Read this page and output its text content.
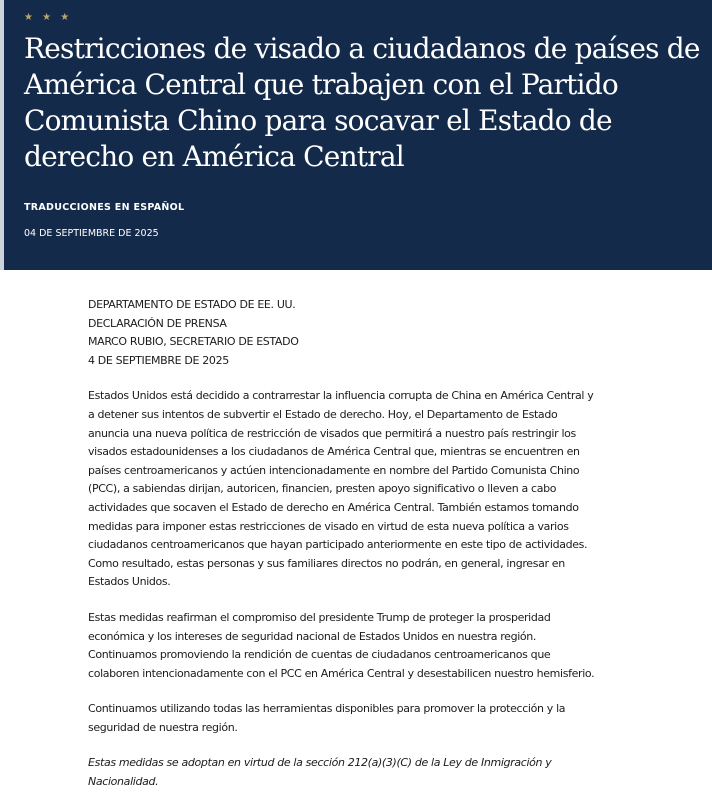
★ ★ ★
Restricciones de visado a ciudadanos de países de América Central que trabajen con el Partido Comunista Chino para socavar el Estado de derecho en América Central
TRADUCCIONES EN ESPAÑOL
04 DE SEPTIEMBRE DE 2025

DEPARTAMENTO DE ESTADO DE EE. UU.

DECLARACIÓN DE PRENSA

MARCO RUBIO, SECRETARIO DE ESTADO

4 DE SEPTIEMBRE DE 2025

Estados Unidos está decidido a contrarrestar la influencia corrupta de China en América Central y a detener sus intentos de subvertir el Estado de derecho. Hoy, el Departamento de Estado anuncia una nueva política de restricción de visados que permitirá a nuestro país restringir los visados estadounidenses a los ciudadanos de América Central que, mientras se encuentren en países centroamericanos y actúen intencionadamente en nombre del Partido Comunista Chino (PCC), a sabiendas dirijan, autoricen, financien, presten apoyo significativo o lleven a cabo actividades que socaven el Estado de derecho en América Central. También estamos tomando medidas para imponer estas restricciones de visado en virtud de esta nueva política a varios ciudadanos centroamericanos que hayan participado anteriormente en este tipo de actividades. Como resultado, estas personas y sus familiares directos no podrán, en general, ingresar en Estados Unidos.

Estas medidas reafirman el compromiso del presidente Trump de proteger la prosperidad económica y los intereses de seguridad nacional de Estados Unidos en nuestra región. Continuamos promoviendo la rendición de cuentas de ciudadanos centroamericanos que colaboren intencionadamente con el PCC en América Central y desestabilicen nuestro hemisferio.

Continuamos utilizando todas las herramientas disponibles para promover la protección y la seguridad de nuestra región.

Estas medidas se adoptan en virtud de la sección 212(a)(3)(C) de la Ley de Inmigración y Nacionalidad.
